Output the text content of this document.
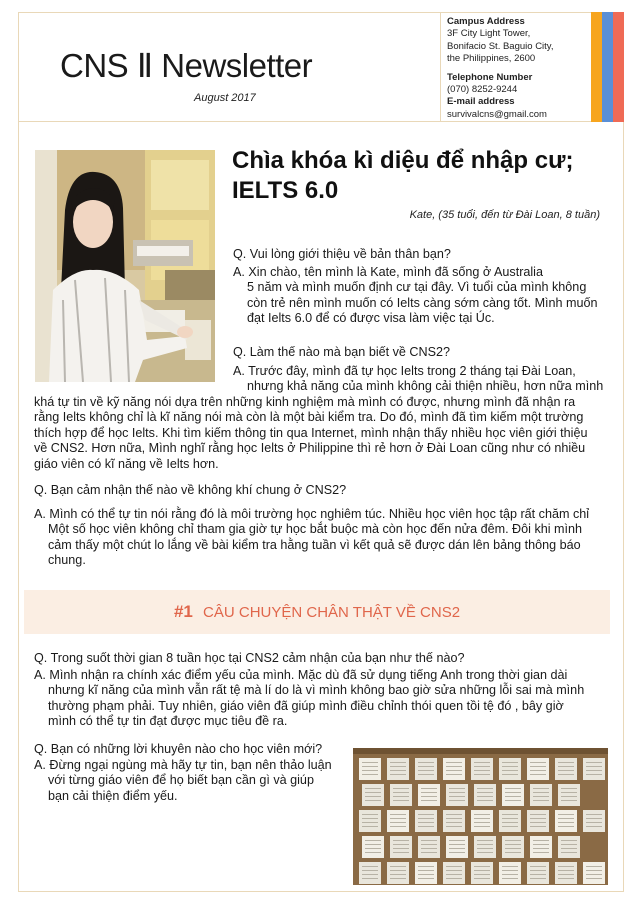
CNS Ⅱ Newsletter
August 2017
Campus Address
3F City Light Tower,
Bonifacio St. Baguio City,
the Philippines, 2600
Telephone Number
(070) 8252-9244
E-mail address
survivalcns@gmail.com
Chìa khóa kì diệu để nhập cư;
IELTS 6.0
Kate, (35 tuổi, đến từ Đài Loan, 8 tuần)
Q. Vui lòng giới thiệu về bản thân bạn?
A. Xin chào, tên mình là Kate, mình đã sống ở Australia
5 năm và mình muốn định cư tại đây. Vì tuổi của mình không
còn trẻ nên mình muốn có Ielts càng sớm càng tốt. Mình muốn
đạt Ielts 6.0 để có được visa làm việc tại Úc.
Q. Làm thế nào mà bạn biết về CNS2?
A. Trước đây, mình đã tự học Ielts trong 2 tháng tại Đài Loan,
nhưng khả năng của mình không cải thiện nhiều, hơn nữa mình
khá tự tin về kỹ năng nói dựa trên những kinh nghiệm mà mình có được, nhưng mình đã nhận ra
rằng Ielts không chỉ là kĩ năng nói mà còn là một bài kiểm tra. Do đó, mình đã tìm kiếm một trường
thích hợp để học Ielts. Khi tìm kiếm thông tin qua Internet, mình nhận thấy nhiều học viên giới thiệu
về CNS2. Hơn nữa, Mình nghĩ rằng học Ielts ở Philippine thì rẻ hơn ở Đài Loan cũng như có nhiều
giáo viên có kĩ năng về Ielts hơn.
Q. Bạn cảm nhận thế nào về không khí chung ở CNS2?
A. Mình có thể tự tin nói rằng đó là môi trường học nghiêm túc. Nhiều học viên học tập rất chăm chỉ
Một số học viên không chỉ tham gia giờ tự học bắt buộc mà còn học đến nửa đêm. Đôi khi mình
cảm thấy một chút lo lắng về bài kiểm tra hằng tuần vì kết quả sẽ được dán lên bảng thông báo
chung.
#1 CÂU CHUYỆN CHÂN THẬT VỀ CNS2
Q. Trong suốt thời gian 8 tuần học tại CNS2 cảm nhận của bạn như thế nào?
A. Mình nhận ra chính xác điểm yếu của mình. Mặc dù đã sử dụng tiếng Anh trong thời gian dài
nhưng kĩ năng của mình vẫn rất tệ mà lí do là vì mình không bao giờ sửa những lỗi sai mà mình
thường phạm phải. Tuy nhiên, giáo viên đã giúp mình điều chỉnh thói quen tồi tệ đó , bây giờ
mình có thể tự tin đạt được mục tiêu đề ra.
Q. Bạn có những lời khuyên nào cho học viên mới?
A. Đừng ngại ngùng mà hãy tự tin, bạn nên thảo luận
với từng giáo viên để họ biết bạn cần gì và giúp
bạn cải thiện điểm yếu.
